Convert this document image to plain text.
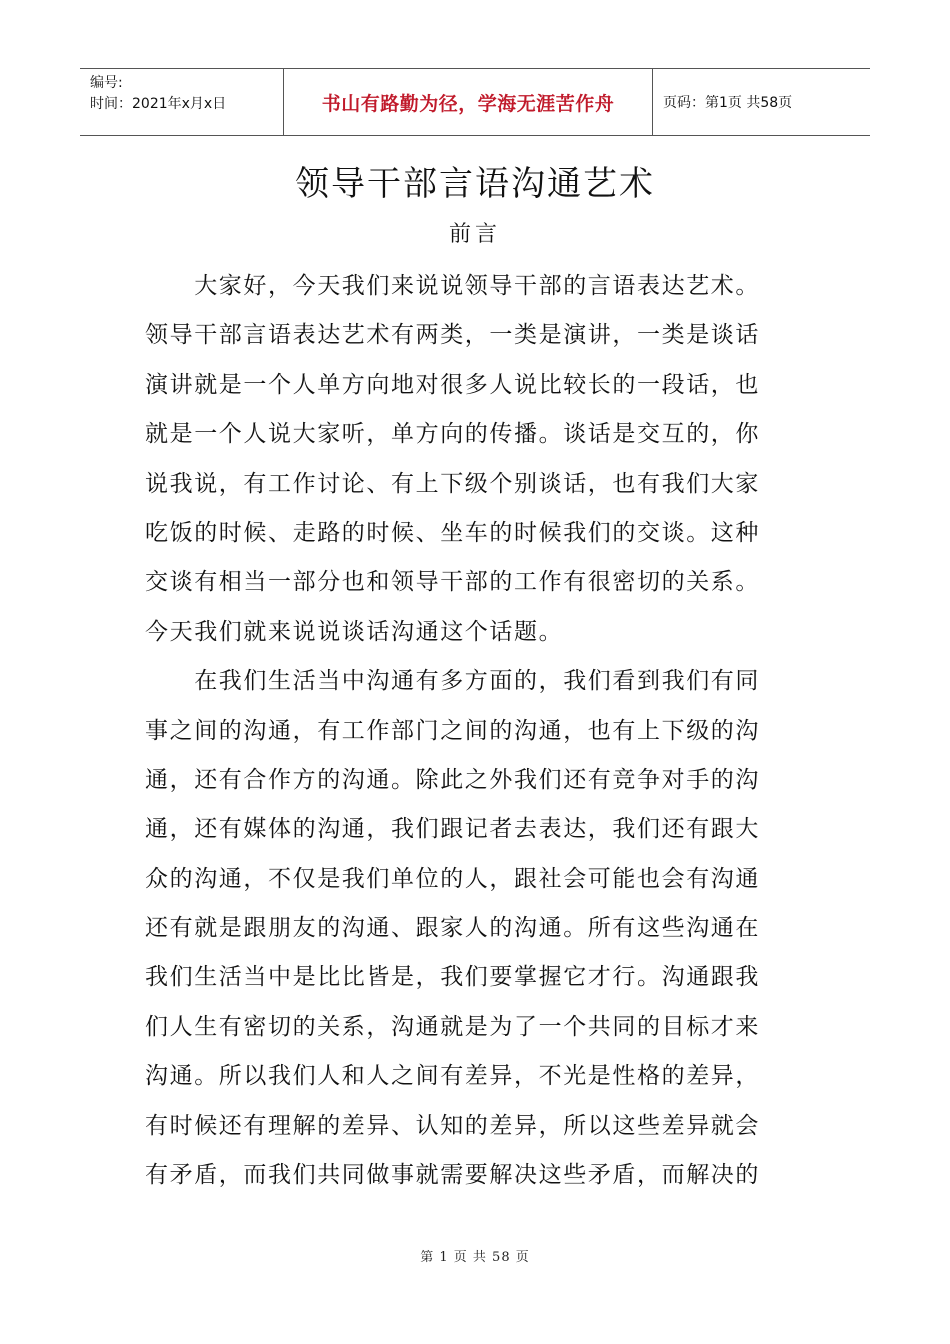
编号:
时间：2021年x月x日	书山有路勤为径，学海无涯苦作舟	页码：第1页 共58页
领导干部言语沟通艺术
前言
　　大家好，今天我们来说说领导干部的言语表达艺术。
领导干部言语表达艺术有两类，一类是演讲，一类是谈话
演讲就是一个人单方向地对很多人说比较长的一段话，也
就是一个人说大家听，单方向的传播。谈话是交互的，你
说我说，有工作讨论、有上下级个别谈话，也有我们大家
吃饭的时候、走路的时候、坐车的时候我们的交谈。这种
交谈有相当一部分也和领导干部的工作有很密切的关系。
今天我们就来说说谈话沟通这个话题。
　　在我们生活当中沟通有多方面的，我们看到我们有同
事之间的沟通，有工作部门之间的沟通，也有上下级的沟
通，还有合作方的沟通。除此之外我们还有竞争对手的沟
通，还有媒体的沟通，我们跟记者去表达，我们还有跟大
众的沟通，不仅是我们单位的人，跟社会可能也会有沟通
还有就是跟朋友的沟通、跟家人的沟通。所有这些沟通在
我们生活当中是比比皆是，我们要掌握它才行。沟通跟我
们人生有密切的关系，沟通就是为了一个共同的目标才来
沟通。所以我们人和人之间有差异，不光是性格的差异，
有时候还有理解的差异、认知的差异，所以这些差异就会
有矛盾，而我们共同做事就需要解决这些矛盾，而解决的
第 1 页 共 58 页
